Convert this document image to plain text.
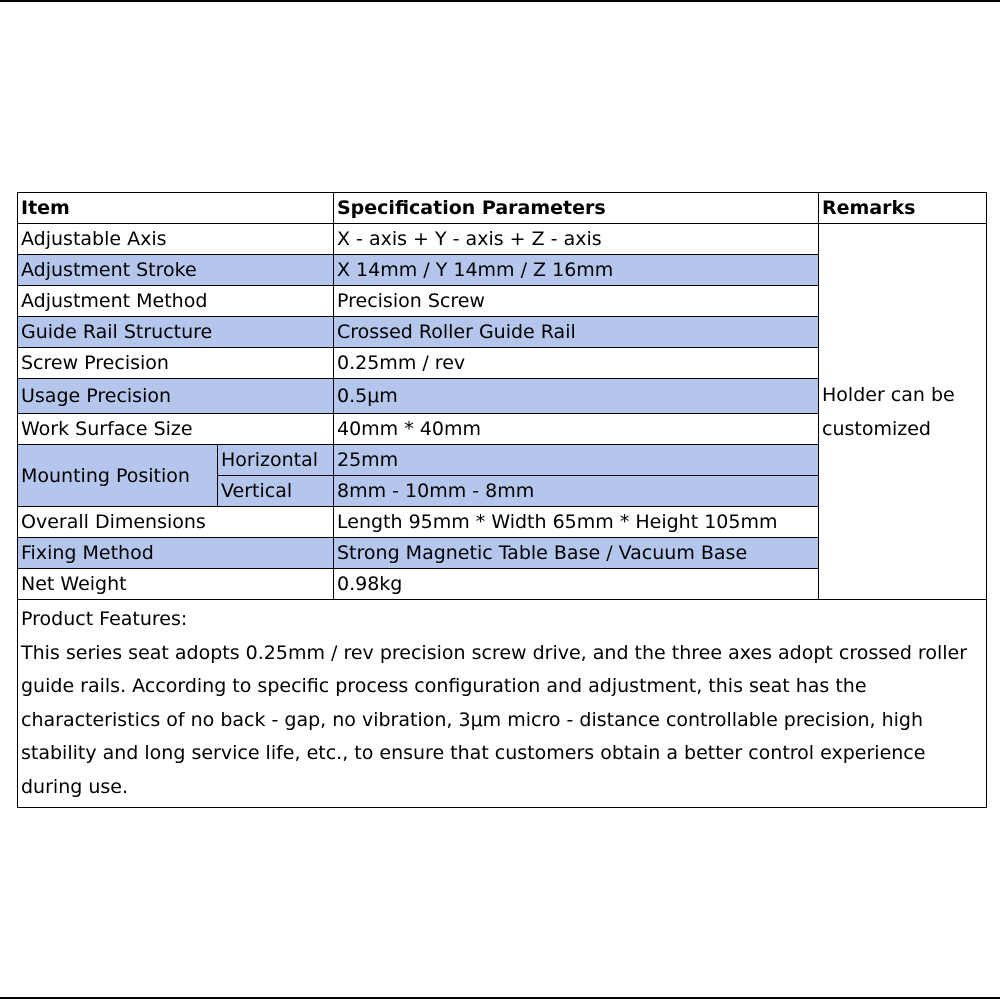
Item		Specification Parameters	Remarks
Adjustable Axis		X - axis + Y - axis + Z - axis	Holder can be customized
Adjustment Stroke		X 14mm / Y 14mm / Z 16mm	
Adjustment Method		Precision Screw	
Guide Rail Structure		Crossed Roller Guide Rail	
Screw Precision		0.25mm / rev	
Usage Precision		0.5μm	
Work Surface Size		40mm * 40mm	
Mounting Position	Horizontal	25mm	
	Vertical	8mm - 10mm - 8mm	
Overall Dimensions		Length 95mm * Width 65mm * Height 105mm	
Fixing Method		Strong Magnetic Table Base / Vacuum Base	
Net Weight		0.98kg	

Product Features:
This series seat adopts 0.25mm / rev precision screw drive, and the three axes adopt crossed roller guide rails. According to specific process configuration and adjustment, this seat has the characteristics of no back - gap, no vibration, 3μm micro - distance controllable precision, high stability and long service life, etc., to ensure that customers obtain a better control experience during use.			
